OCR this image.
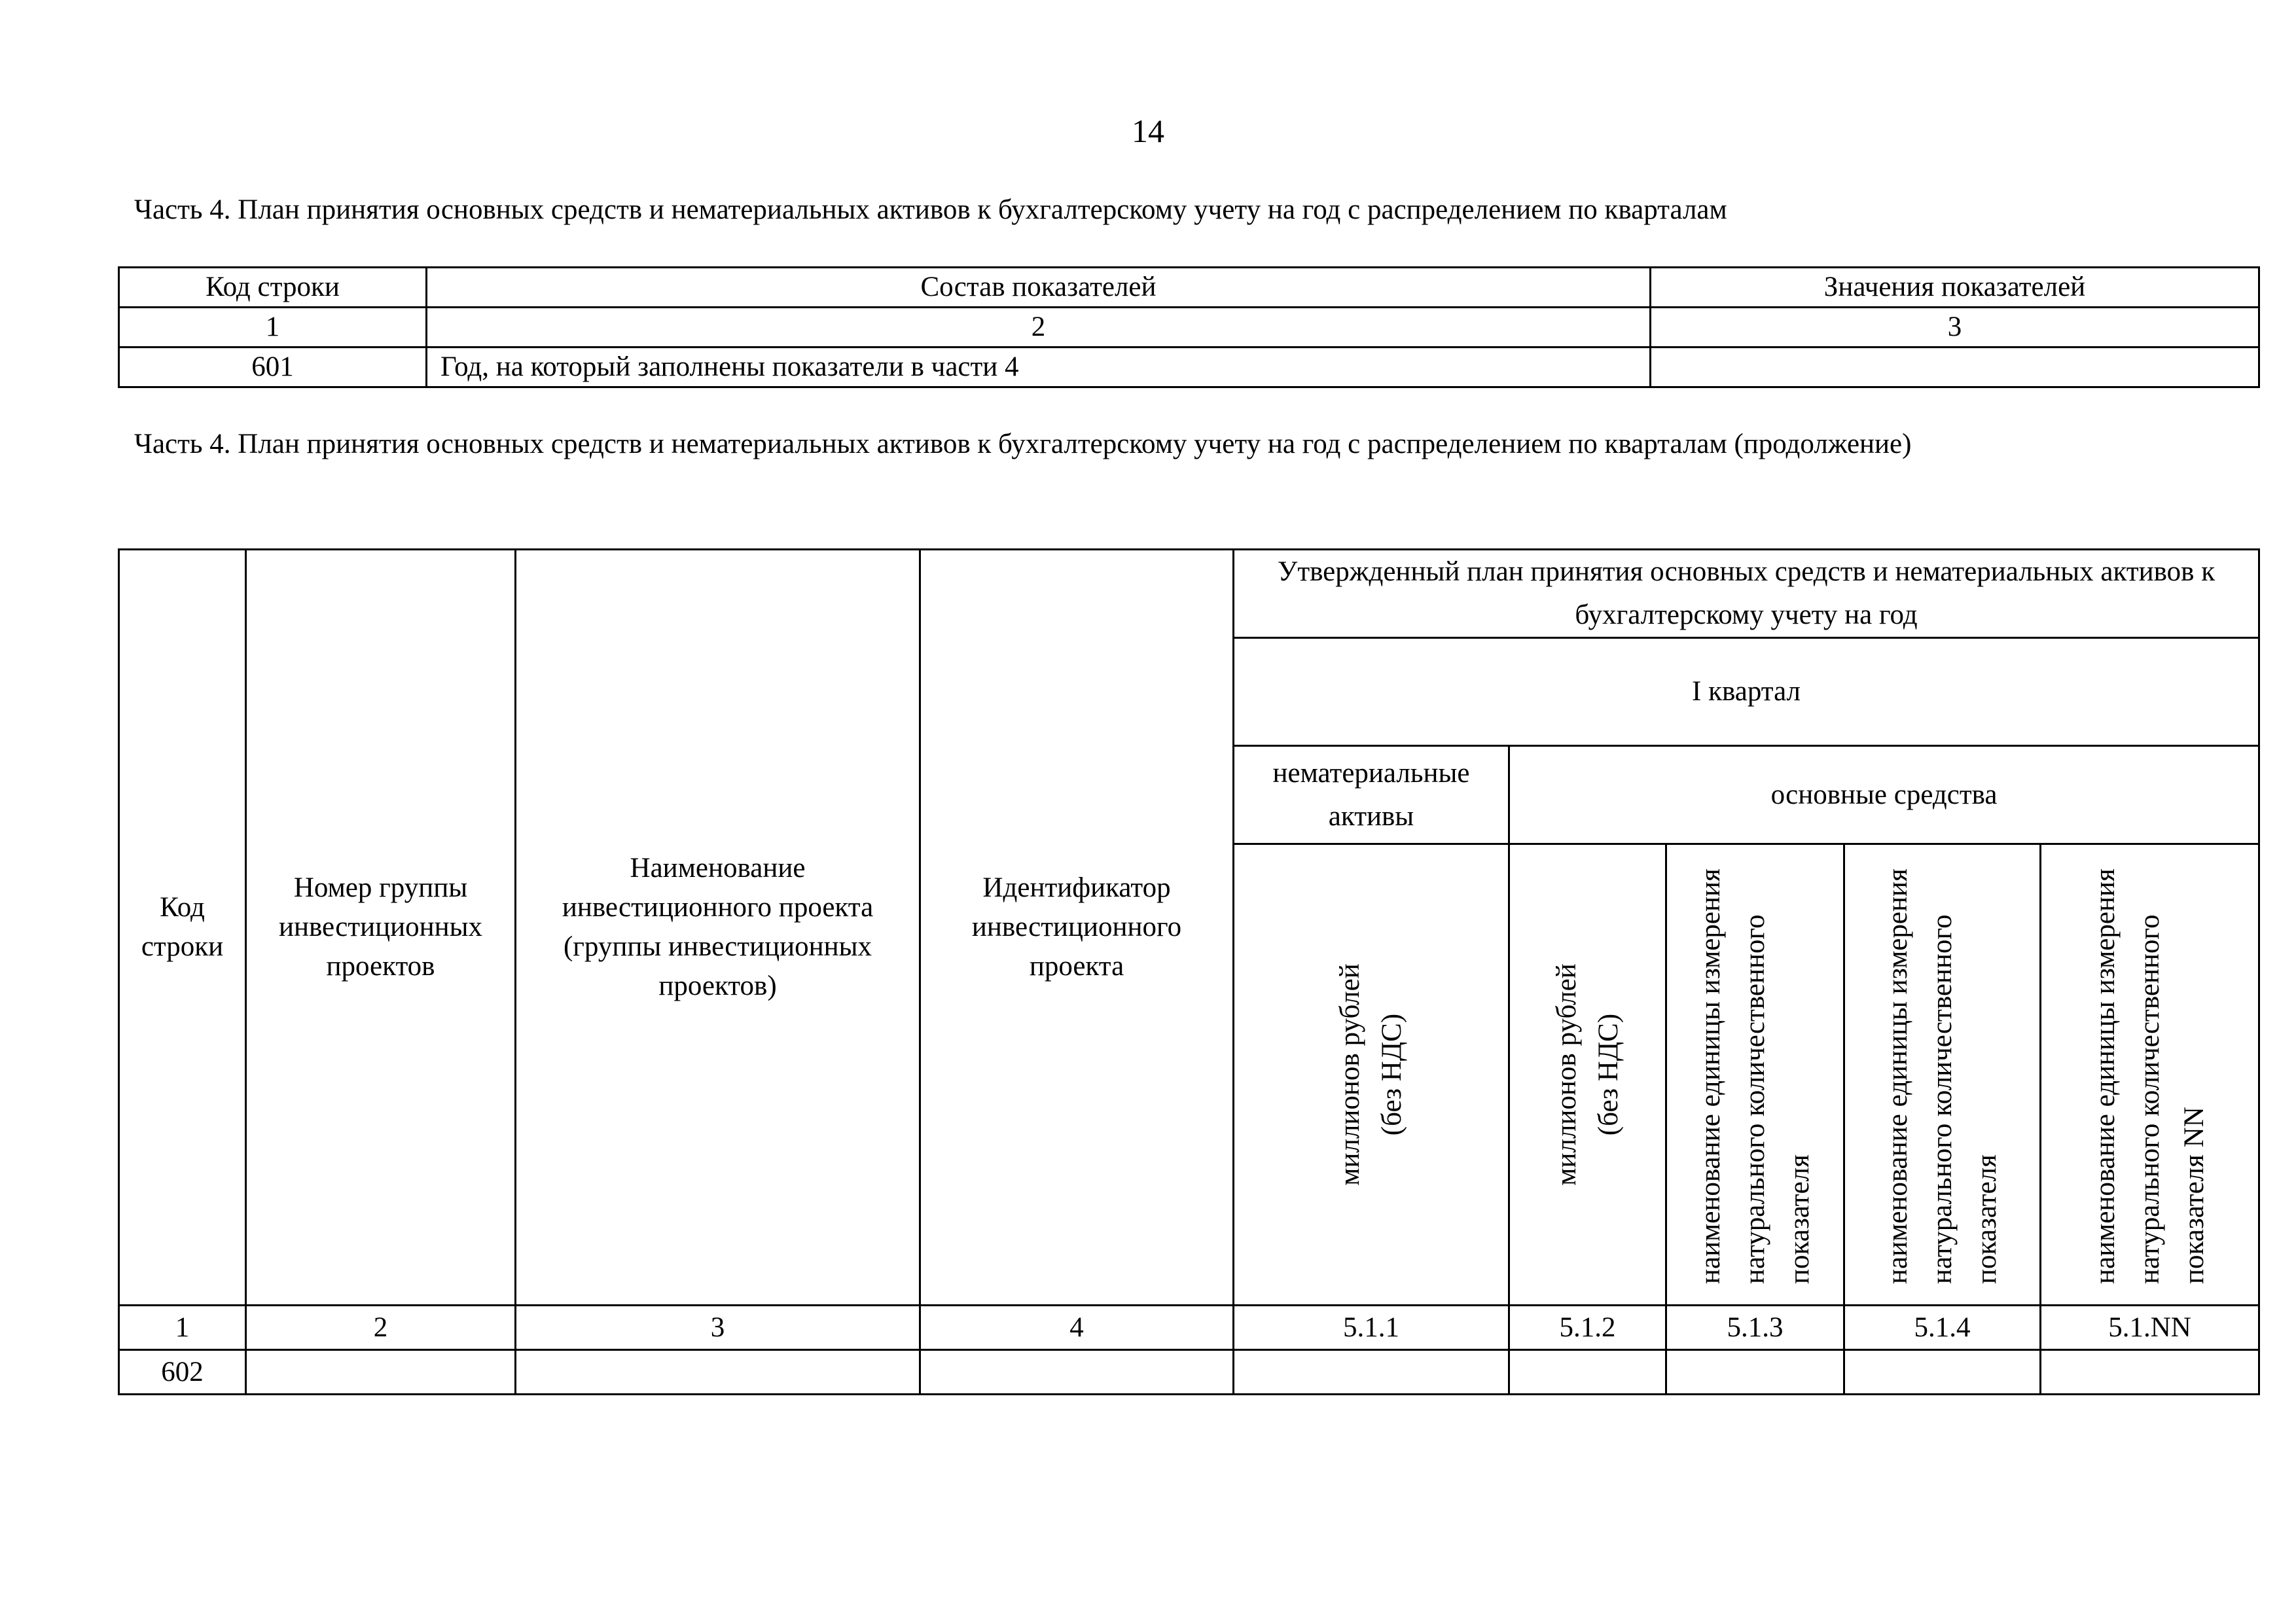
14
Часть 4. План принятия основных средств и нематериальных активов к бухгалтерскому учету на год с распределением по кварталам
Код строки	Состав показателей	Значения показателей
1	2	3
601	Год, на который заполнены показатели в части 4	
Часть 4. План принятия основных средств и нематериальных активов к бухгалтерскому учету на год с распределением по кварталам (продолжение)
Код строки	Номер группы инвестиционных проектов	Наименование инвестиционного проекта (группы инвестиционных проектов)	Идентификатор инвестиционного проекта	Утвержденный план принятия основных средств и нематериальных активов к бухгалтерскому учету на год				
				I квартал				
				нематериальные активы	основные средства			

				миллионов рублей (без НДС)	миллионов рублей (без НДС)	наименование единицы измерения натурального количественного показателя	наименование единицы измерения натурального количественного показателя	наименование единицы измерения натурального количественного показателя NN

1	2	3	4	5.1.1	5.1.2	5.1.3	5.1.4	5.1.NN
602								
